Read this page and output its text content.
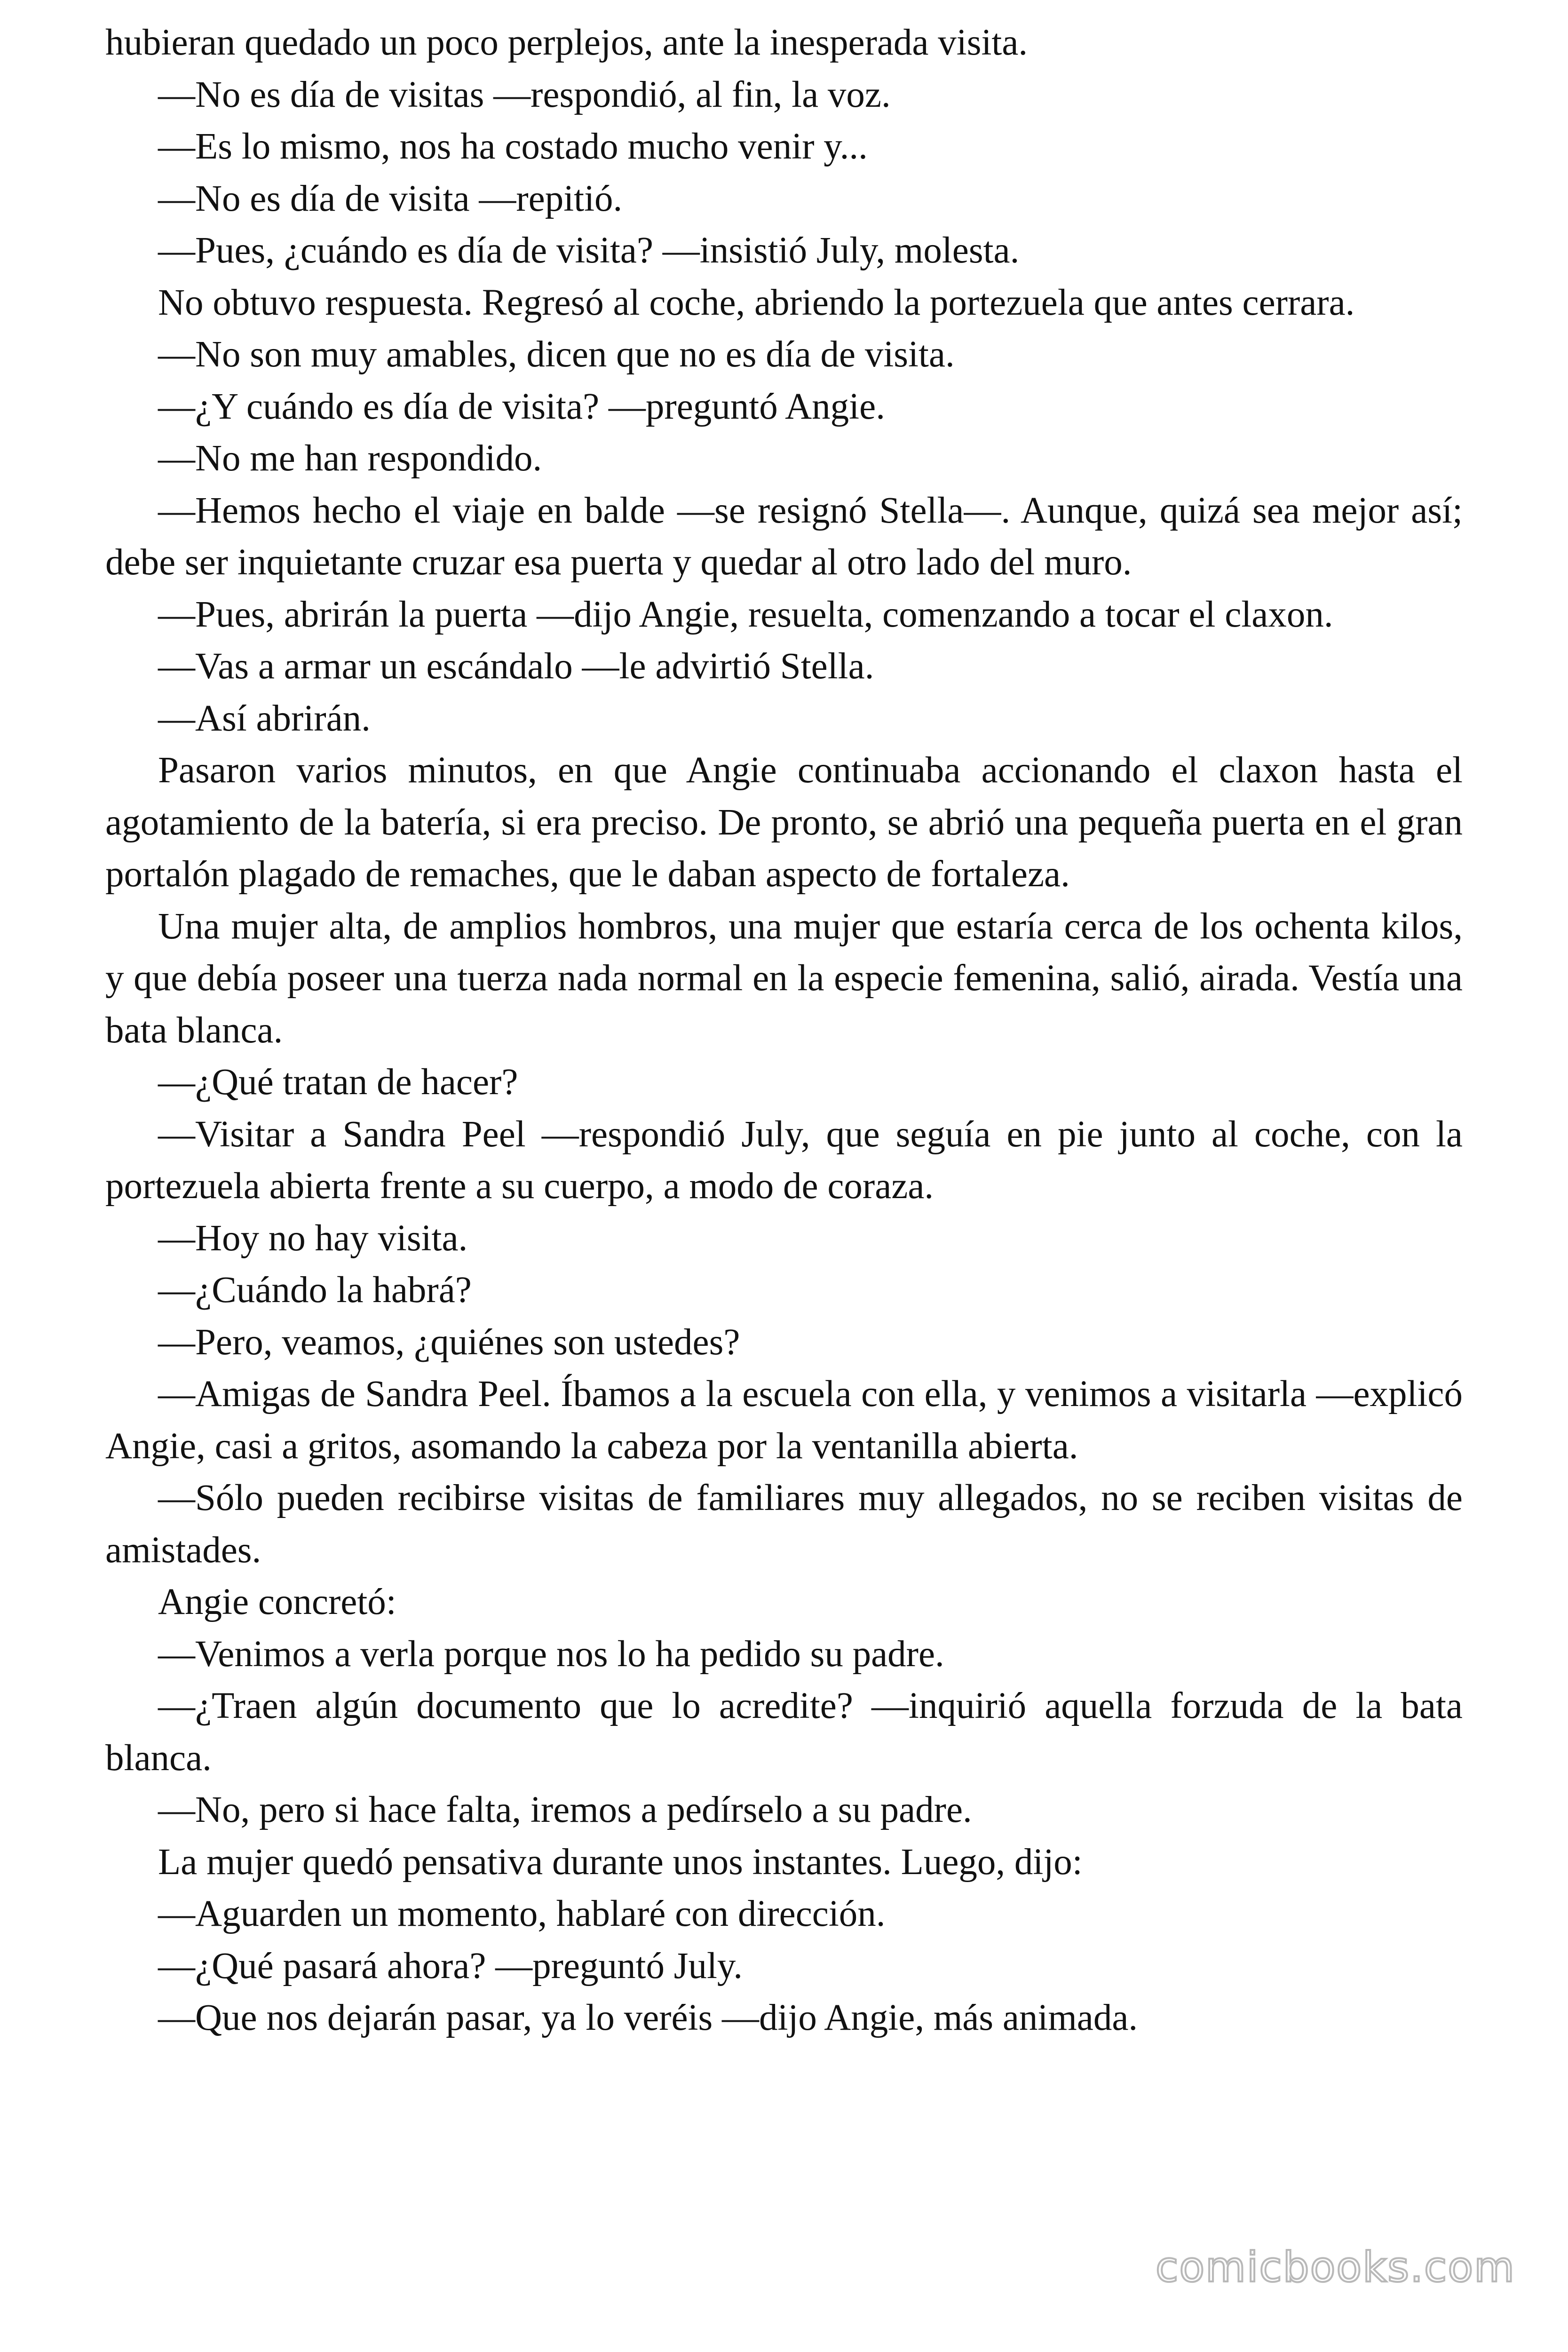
hubieran quedado un poco perplejos, ante la inesperada visita.

—No es día de visitas —respondió, al fin, la voz.

—Es lo mismo, nos ha costado mucho venir y...

—No es día de visita —repitió.

—Pues, ¿cuándo es día de visita? —insistió July, molesta.

No obtuvo respuesta. Regresó al coche, abriendo la portezuela que antes cerrara.

—No son muy amables, dicen que no es día de visita.

—¿Y cuándo es día de visita? —preguntó Angie.

—No me han respondido.

—Hemos hecho el viaje en balde —se resignó Stella—. Aunque, quizá sea mejor así; debe ser inquietante cruzar esa puerta y quedar al otro lado del muro.

—Pues, abrirán la puerta —dijo Angie, resuelta, comenzando a tocar el claxon.

—Vas a armar un escándalo —le advirtió Stella.

—Así abrirán.

Pasaron varios minutos, en que Angie continuaba accionando el claxon hasta el agotamiento de la batería, si era preciso. De pronto, se abrió una pequeña puerta en el gran portalón plagado de remaches, que le daban aspecto de fortaleza.

Una mujer alta, de amplios hombros, una mujer que estaría cerca de los ochenta kilos, y que debía poseer una tuerza nada normal en la especie femenina, salió, airada. Vestía una bata blanca.

—¿Qué tratan de hacer?

—Visitar a Sandra Peel —respondió July, que seguía en pie junto al coche, con la portezuela abierta frente a su cuerpo, a modo de coraza.

—Hoy no hay visita.

—¿Cuándo la habrá?

—Pero, veamos, ¿quiénes son ustedes?

—Amigas de Sandra Peel. Íbamos a la escuela con ella, y venimos a visitarla —explicó Angie, casi a gritos, asomando la cabeza por la ventanilla abierta.

—Sólo pueden recibirse visitas de familiares muy allegados, no se reciben visitas de amistades.

Angie concretó:

—Venimos a verla porque nos lo ha pedido su padre.

—¿Traen algún documento que lo acredite? —inquirió aquella forzuda de la bata blanca.

—No, pero si hace falta, iremos a pedírselo a su padre.

La mujer quedó pensativa durante unos instantes. Luego, dijo:

—Aguarden un momento, hablaré con dirección.

—¿Qué pasará ahora? —preguntó July.

—Que nos dejarán pasar, ya lo veréis —dijo Angie, más animada.

comicbooks.com
